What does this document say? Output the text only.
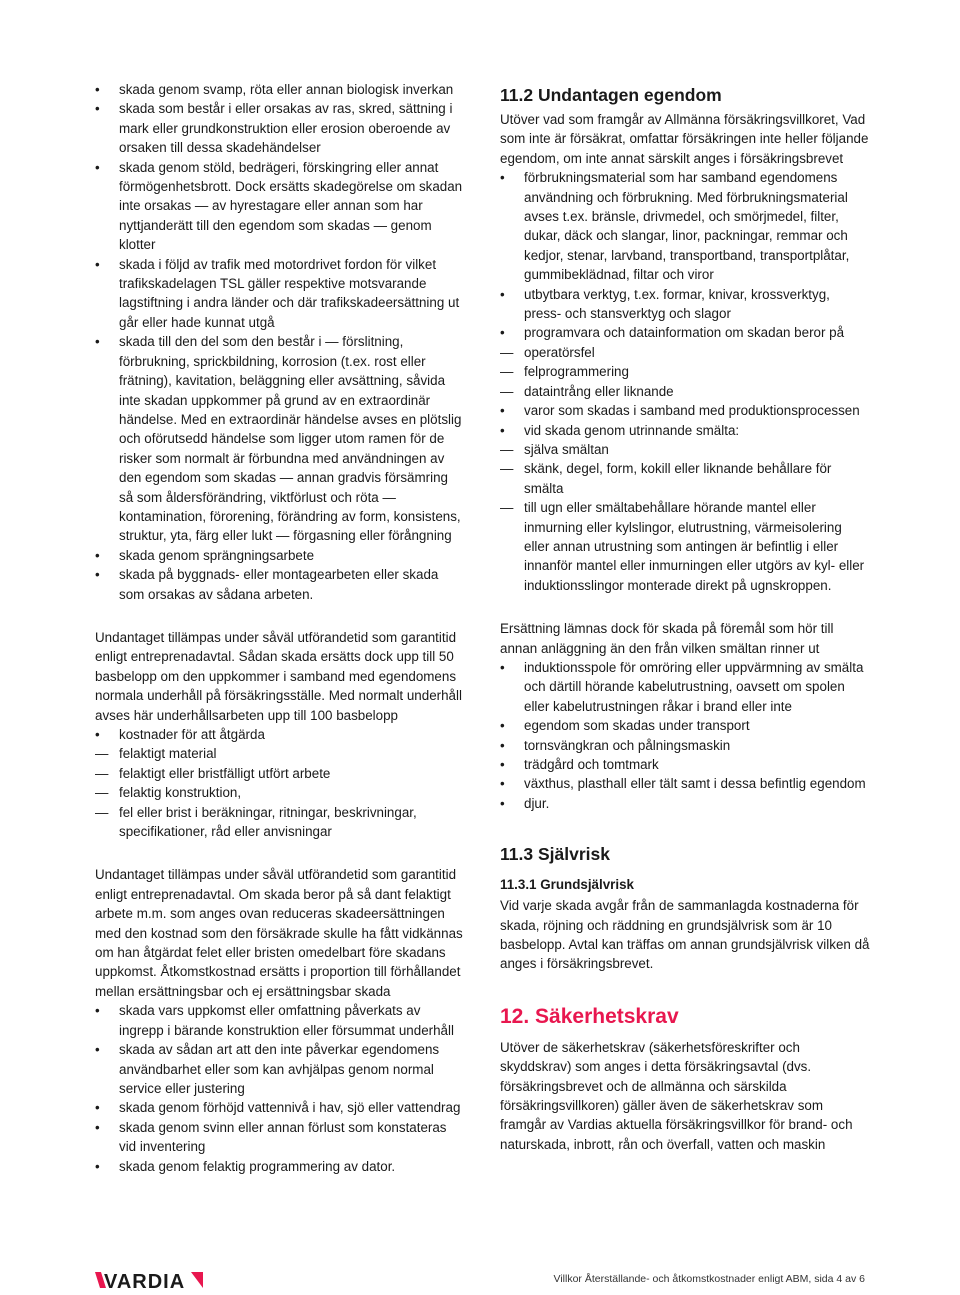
• skada genom svamp, röta eller annan biologisk inverkan
• skada som består i eller orsakas av ras, skred, sättning i mark eller grundkonstruktion eller erosion oberoende av orsaken till dessa skadehändelser
• skada genom stöld, bedrägeri, förskingring eller annat förmögenhetsbrott. Dock ersätts skadegörelse om skadan inte orsakas — av hyrestagare eller annan som har nyttjanderätt till den egendom som skadas — genom klotter
• skada i följd av trafik med motordrivet fordon för vilket trafikskadelagen TSL gäller respektive motsvarande lagstiftning i andra länder och där trafikskadeersättning ut går eller hade kunnat utgå
• skada till den del som den består i — förslitning, förbrukning, sprickbildning, korrosion (t.ex. rost eller frätning), kavitation, beläggning eller avsättning, såvida inte skadan uppkommer på grund av en extraordinär händelse. Med en extraordinär händelse avses en plötslig och oförutsedd händelse som ligger utom ramen för de risker som normalt är förbundna med användningen av den egendom som skadas — annan gradvis försämring så som åldersförändring, viktförlust och röta — kontamination, förorening, förändring av form, konsistens, struktur, yta, färg eller lukt — förgasning eller förångning
• skada genom sprängningsarbete
• skada på byggnads- eller montagearbeten eller skada som orsakas av sådana arbeten.

Undantaget tillämpas under såväl utförandetid som garantitid enligt entreprenadavtal. Sådan skada ersätts dock upp till 50 basbelopp om den uppkommer i samband med egendomens normala underhåll på försäkringsställe. Med normalt underhåll avses här underhållsarbeten upp till 100 basbelopp

• kostnader för att åtgärda
— felaktigt material
— felaktigt eller bristfälligt utfört arbete
— felaktig konstruktion,
— fel eller brist i beräkningar, ritningar, beskrivningar, specifikationer, råd eller anvisningar

Undantaget tillämpas under såväl utförandetid som garantitid enligt entreprenadavtal. Om skada beror på så dant felaktigt arbete m.m. som anges ovan reduceras skadeersättningen med den kostnad som den försäkrade skulle ha fått vidkännas om han åtgärdat felet eller bristen omedelbart före skadans uppkomst. Åtkomstkostnad ersätts i proportion till förhållandet mellan ersättningsbar och ej ersättningsbar skada

• skada vars uppkomst eller omfattning påverkats av ingrepp i bärande konstruktion eller försummat underhåll
• skada av sådan art att den inte påverkar egendomens användbarhet eller som kan avhjälpas genom normal service eller justering
• skada genom förhöjd vattennivå i hav, sjö eller vattendrag
• skada genom svinn eller annan förlust som konstateras vid inventering
• skada genom felaktig programmering av dator.
11.2 Undantagen egendom

Utöver vad som framgår av Allmänna försäkringsvillkoret, Vad som inte är försäkrat, omfattar försäkringen inte heller följande egendom, om inte annat särskilt anges i försäkringsbrevet

• förbrukningsmaterial som har samband egendomens användning och förbrukning. Med förbrukningsmaterial avses t.ex. bränsle, drivmedel, och smörjmedel, filter, dukar, däck och slangar, linor, packningar, remmar och kedjor, stenar, larvband, transportband, transportplåtar, gummibeklädnad, filtar och viror
• utbytbara verktyg, t.ex. formar, knivar, krossverktyg, press- och stansverktyg och slagor
• programvara och datainformation om skadan beror på
— operatörsfel
— felprogrammering
— dataintrång eller liknande
• varor som skadas i samband med produktionsprocessen
• vid skada genom utrinnande smälta:
— själva smältan
— skänk, degel, form, kokill eller liknande behållare för smälta
— till ugn eller smältabehållare hörande mantel eller inmurning eller kylslingor, elutrustning, värmeisolering eller annan utrustning som antingen är befintlig i eller innanför mantel eller inmurningen eller utgörs av kyl- eller induktionsslingor monterade direkt på ugnskroppen.

Ersättning lämnas dock för skada på föremål som hör till annan anläggning än den från vilken smältan rinner ut

• induktionsspole för omröring eller uppvärmning av smälta och därtill hörande kabelutrustning, oavsett om spolen eller kabelutrustningen råkar i brand eller inte
• egendom som skadas under transport
• tornsvängkran och pålningsmaskin
• trädgård och tomtmark
• växthus, plasthall eller tält samt i dessa befintlig egendom
• djur.
11.3 Självrisk
11.3.1 Grundsjälvrisk

Vid varje skada avgår från de sammanlagda kostnaderna för skada, röjning och räddning en grundsjälvrisk som är 10 basbelopp. Avtal kan träffas om annan grundsjälvrisk vilken då anges i försäkringsbrevet.

12. Säkerhetskrav

Utöver de säkerhetskrav (säkerhetsföreskrifter och skyddskrav) som anges i detta försäkringsavtal (dvs. försäkringsbrevet och de allmänna och särskilda försäkringsvillkoren) gäller även de säkerhetskrav som framgår av Vardias aktuella försäkringsvillkor för brand- och naturskada, inbrott, rån och överfall, vatten och maskin

VARDIA	Villkor Återställande- och åtkomstkostnader enligt ABM, sida 4 av 6
